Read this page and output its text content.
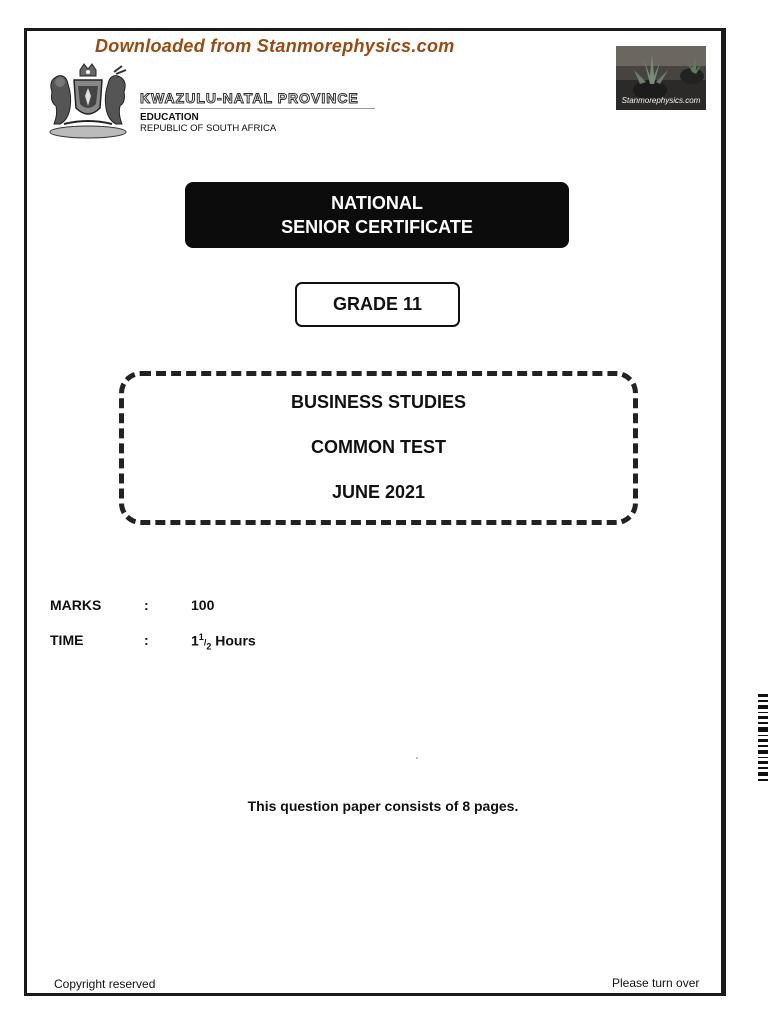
Downloaded from Stanmorephysics.com
KWAZULU-NATAL PROVINCE
EDUCATION
REPUBLIC OF SOUTH AFRICA
Stanmorephysics.com
NATIONAL
SENIOR CERTIFICATE
GRADE 11
BUSINESS STUDIES
COMMON TEST
JUNE 2021
MARKS	:	100
TIME	:	$1^1/_2$ Hours
This question paper consists of 8 pages.
Copyright reserved	Please turn over
